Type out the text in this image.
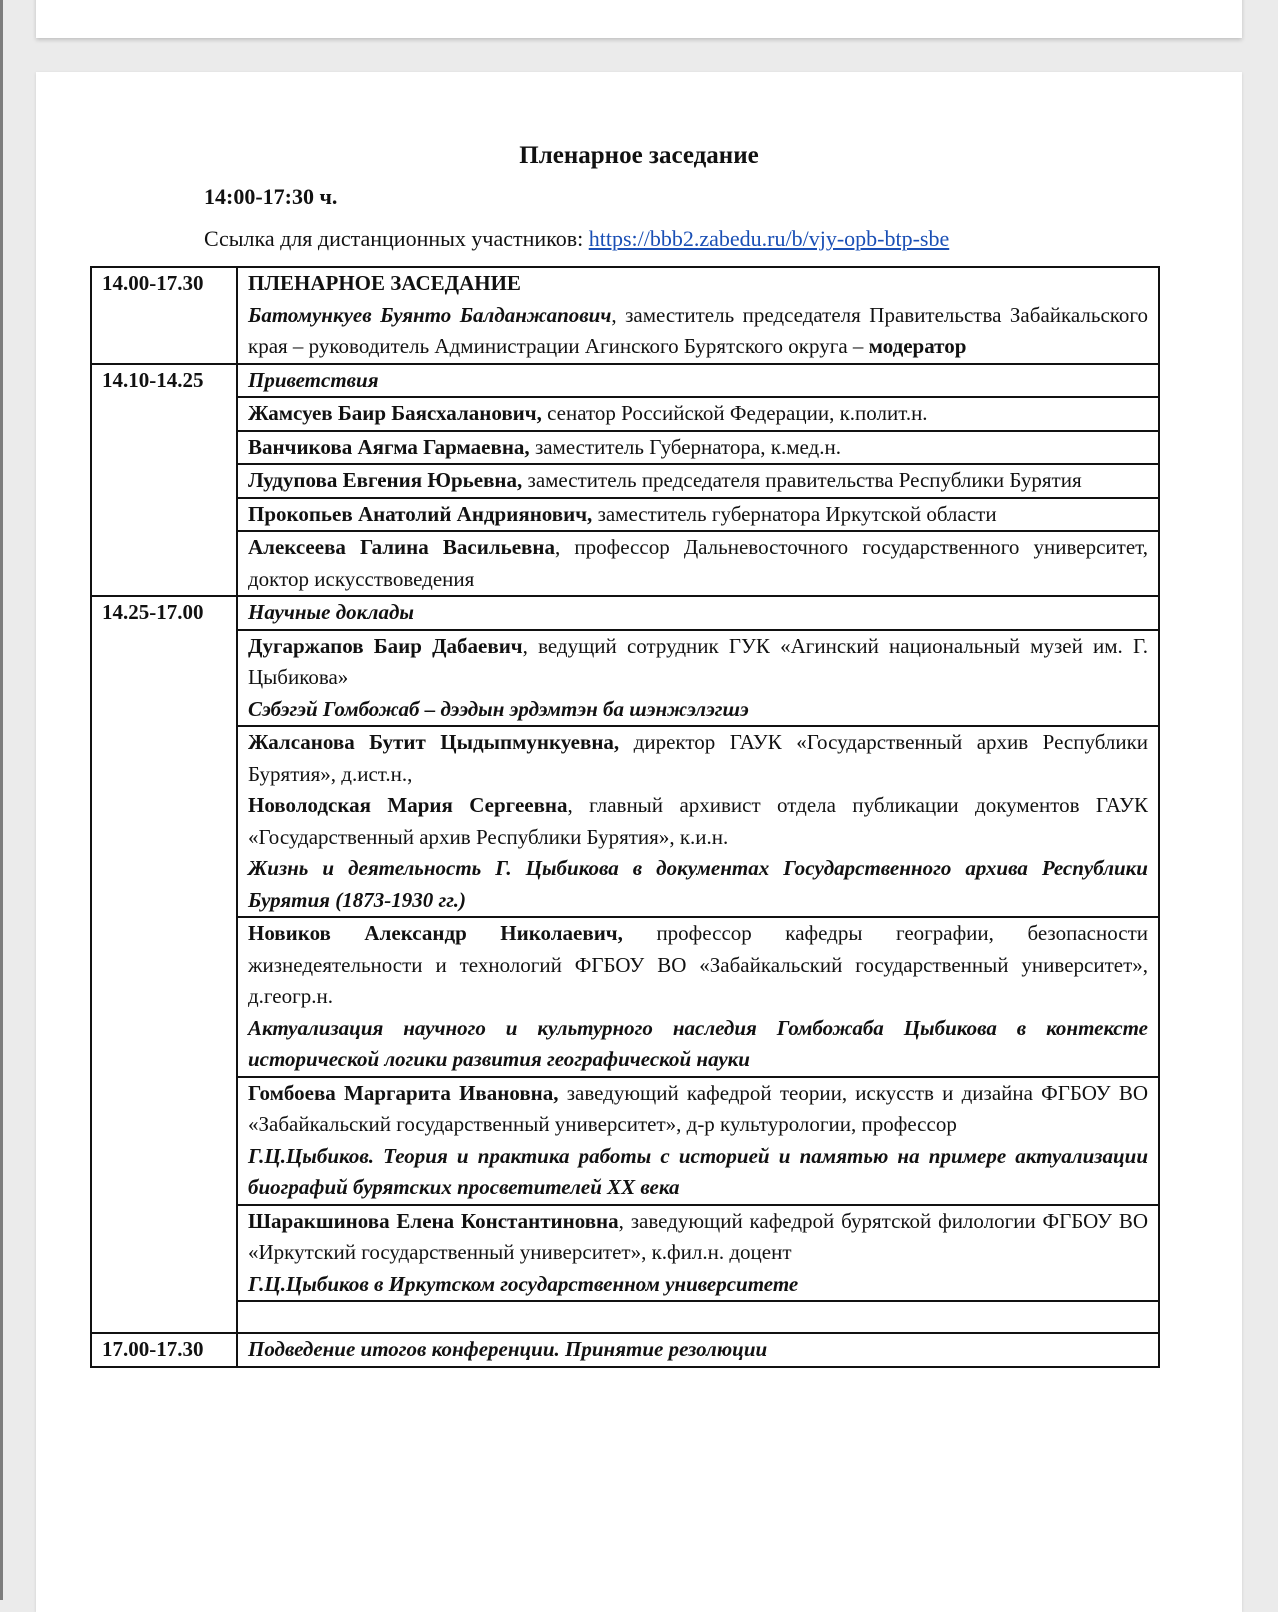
Пленарное заседание
14:00-17:30 ч.
Ссылка для дистанционных участников: https://bbb2.zabedu.ru/b/vjy-opb-btp-sbe
14.00-17.30	ПЛЕНАРНОЕ ЗАСЕДАНИЕ
Батомункуев Буянто Балданжапович, заместитель председателя Правительства Забайкальского края – руководитель Администрации Агинского Бурятского округа – модератор
14.10-14.25	Приветствия
	Жамсуев Баир Баясхаланович, сенатор Российской Федерации, к.полит.н.
	Ванчикова Аягма Гармаевна, заместитель Губернатора, к.мед.н.
	Лудупова Евгения Юрьевна, заместитель председателя правительства Республики Бурятия
	Прокопьев Анатолий Андриянович, заместитель губернатора Иркутской области
	Алексеева Галина Васильевна, профессор Дальневосточного государственного университет, доктор искусствоведения
14.25-17.00	Научные доклады
	Дугаржапов Баир Дабаевич, ведущий сотрудник ГУК «Агинский национальный музей им. Г. Цыбикова»
Сэбэгэй Гомбожаб – дээдын эрдэмтэн ба шэнжэлэгшэ
	Жалсанова Бутит Цыдыпмункуевна, директор ГАУК «Государственный архив Республики Бурятия», д.ист.н.,
Новолодская Мария Сергеевна, главный архивист отдела публикации документов ГАУК «Государственный архив Республики Бурятия», к.и.н.
Жизнь и деятельность Г. Цыбикова в документах Государственного архива Республики Бурятия (1873-1930 гг.)
	Новиков Александр Николаевич, профессор кафедры географии, безопасности жизнедеятельности и технологий ФГБОУ ВО «Забайкальский государственный университет», д.геогр.н.
Актуализация научного и культурного наследия Гомбожаба Цыбикова в контексте исторической логики развития географической науки
	Гомбоева Маргарита Ивановна, заведующий кафедрой теории, искусств и дизайна ФГБОУ ВО «Забайкальский государственный университет», д-р культурологии, профессор
Г.Ц.Цыбиков. Теория и практика работы с историей и памятью на примере актуализации биографий бурятских просветителей XX века
	Шаракшинова Елена Константиновна, заведующий кафедрой бурятской филологии ФГБОУ ВО «Иркутский государственный университет», к.фил.н. доцент
Г.Ц.Цыбиков в Иркутском государственном университете

17.00-17.30	Подведение итогов конференции. Принятие резолюции
